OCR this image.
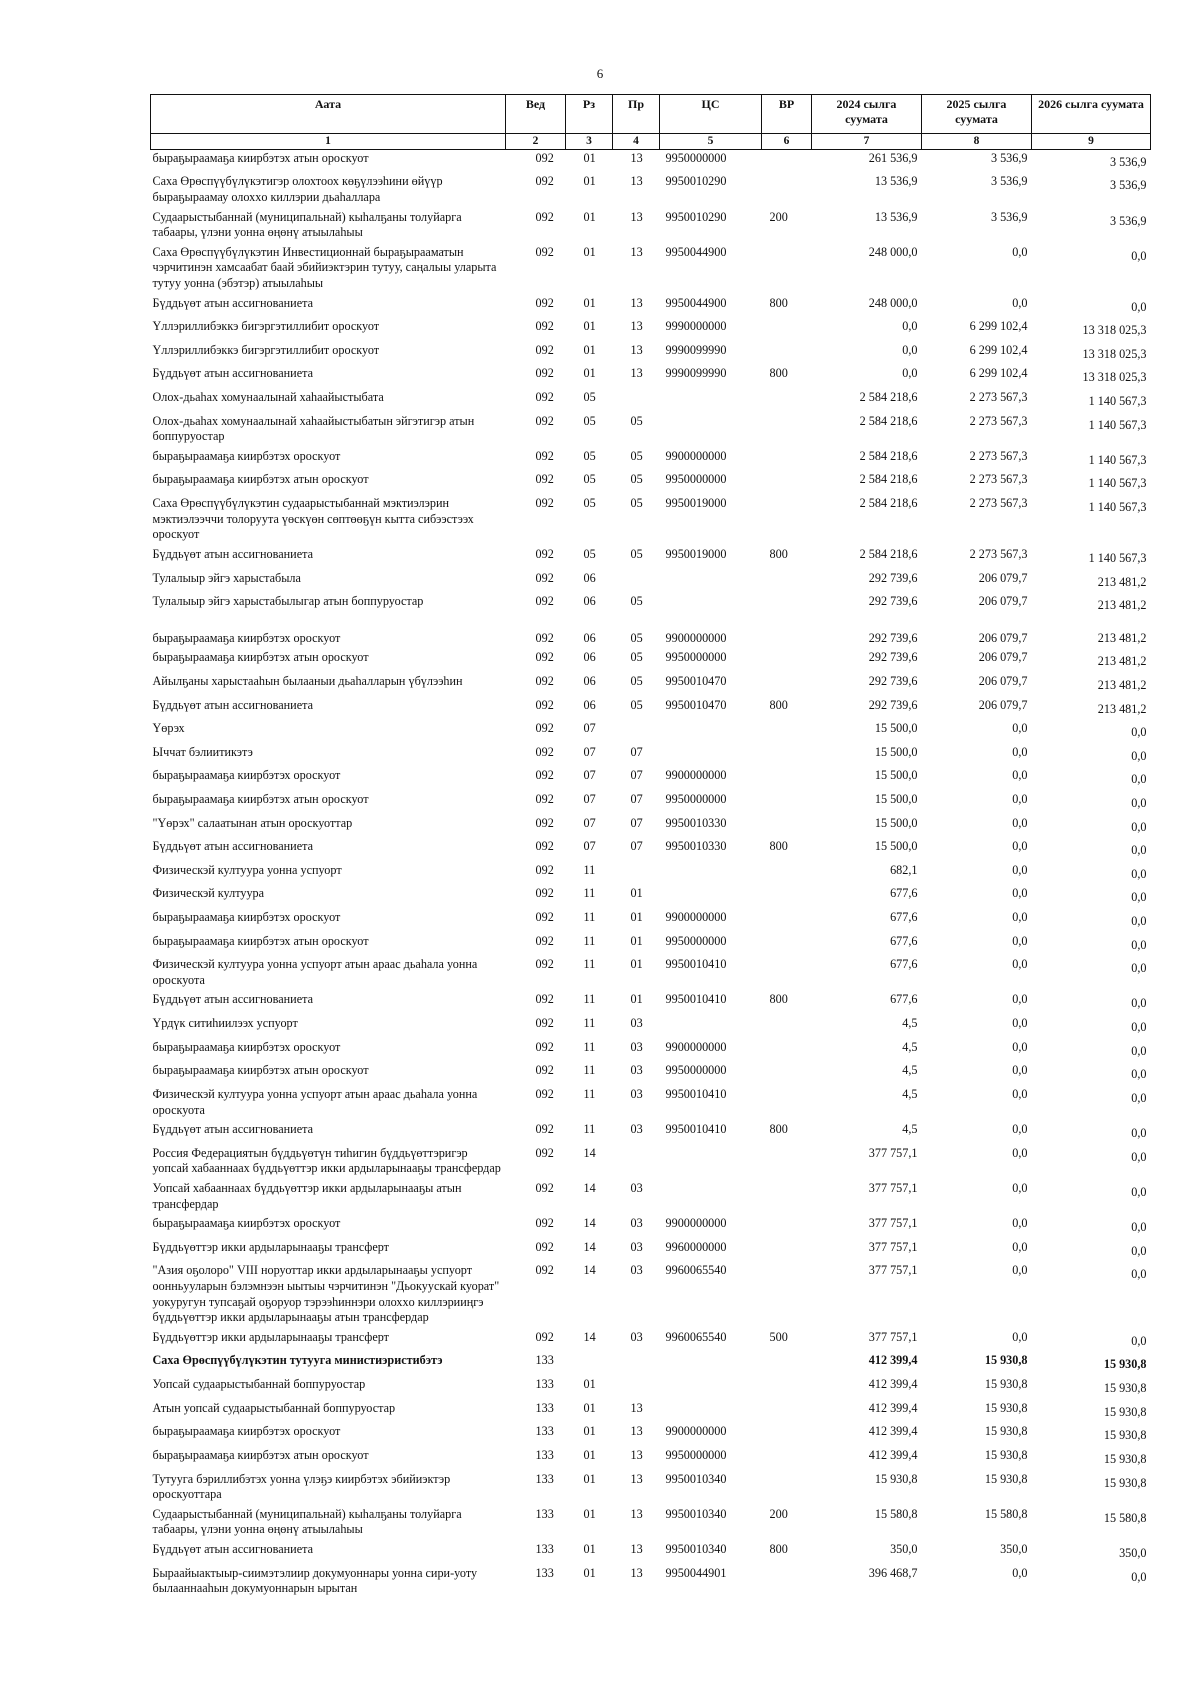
6
Аата	Вед	Рз	Пр	ЦС	ВР	2024 сылга суумата	2025 сылга суумата	2026 сылга суумата
1	2	3	4	5	6	7	8	9
быраҕыраамаҕа киирбэтэх атын ороскуот	092	01	13	9950000000		261 536,9	3 536,9	3 536,9
Саха Өрөспүүбүлүкэтигэр олохтоох көҕүлээһини өйүүр быраҕыраамау олохxо киллэрии дьаһаллара	092	01	13	9950010290		13 536,9	3 536,9	3 536,9
Судаарыстыбаннай (муниципальнай) кыһалҕаны толуйарга табаары, үлэни уонна өңөнү атыылаһыы	092	01	13	9950010290	200	13 536,9	3 536,9	3 536,9
Саха Өрөспүүбүлүкэтин Инвестиционнай быраҕырааматын чэрчитинэн хамсаабат баай эбийиэктэрин тутуу, саңалыы уларыта тутуу уонна (эбэтэр) атыылаһыы	092	01	13	9950044900		248 000,0	0,0	0,0
Бүддьүөт атын ассигнованиета	092	01	13	9950044900	800	248 000,0	0,0	0,0
Үллэриллибэккэ бигэргэтиллибит ороскуот	092	01	13	9990000000		0,0	6 299 102,4	13 318 025,3
Үллэриллибэккэ бигэргэтиллибит ороскуот	092	01	13	9990099990		0,0	6 299 102,4	13 318 025,3
Бүддьүөт атын ассигнованиета	092	01	13	9990099990	800	0,0	6 299 102,4	13 318 025,3
Олох-дьаһах хомунаалынай хаһаайыстыбата	092	05				2 584 218,6	2 273 567,3	1 140 567,3
Олох-дьаһах хомунаалынай хаһаайыстыбатын эйгэтигэр атын боппуруостар	092	05	05			2 584 218,6	2 273 567,3	1 140 567,3
быраҕыраамаҕа киирбэтэх ороскуот	092	05	05	9900000000		2 584 218,6	2 273 567,3	1 140 567,3
быраҕыраамаҕа киирбэтэх атын ороскуот	092	05	05	9950000000		2 584 218,6	2 273 567,3	1 140 567,3
Саха Өрөспүүбүлүкэтин судаарыстыбаннай мэктиэлэрин мэктиэлээччи толоруута үөскүөн сөптөөҕүн кытта сибээстээх ороскуот	092	05	05	9950019000		2 584 218,6	2 273 567,3	1 140 567,3
Бүддьүөт атын ассигнованиета	092	05	05	9950019000	800	2 584 218,6	2 273 567,3	1 140 567,3
Тулалыыр эйгэ харыстабыла	092	06				292 739,6	206 079,7	213 481,2
Тулалыыр эйгэ харыстабылыгар атын боппуруостар	092	06	05			292 739,6	206 079,7	213 481,2
быраҕыраамаҕа киирбэтэх ороскуот	092	06	05	9900000000		292 739,6	206 079,7	213 481,2
быраҕыраамаҕа киирбэтэх атын ороскуот	092	06	05	9950000000		292 739,6	206 079,7	213 481,2
Айылҕаны харыстааһын былааныи дьаһалларын үбүлээһин	092	06	05	9950010470		292 739,6	206 079,7	213 481,2
Бүддьүөт атын ассигнованиета	092	06	05	9950010470	800	292 739,6	206 079,7	213 481,2
Үөрэх	092	07				15 500,0	0,0	0,0
Ыччат бэлиитикэтэ	092	07	07			15 500,0	0,0	0,0
быраҕыраамаҕа киирбэтэх ороскуот	092	07	07	9900000000		15 500,0	0,0	0,0
быраҕыраамаҕа киирбэтэх атын ороскуот	092	07	07	9950000000		15 500,0	0,0	0,0
"Үөрэх" салаатынан атын ороскуоттар	092	07	07	9950010330		15 500,0	0,0	0,0
Бүддьүөт атын ассигнованиета	092	07	07	9950010330	800	15 500,0	0,0	0,0
Физическэй култуура уонна успуорт	092	11				682,1	0,0	0,0
Физическэй култуура	092	11	01			677,6	0,0	0,0
быраҕыраамаҕа киирбэтэх ороскуот	092	11	01	9900000000		677,6	0,0	0,0
быраҕыраамаҕа киирбэтэх атын ороскуот	092	11	01	9950000000		677,6	0,0	0,0
Физическэй култуура уонна успуорт атын араас дьаһала уонна ороскуота	092	11	01	9950010410		677,6	0,0	0,0
Бүддьүөт атын ассигнованиета	092	11	01	9950010410	800	677,6	0,0	0,0
Үрдүк ситиһиилээх успуорт	092	11	03			4,5	0,0	0,0
быраҕыраамаҕа киирбэтэх ороскуот	092	11	03	9900000000		4,5	0,0	0,0
быраҕыраамаҕа киирбэтэх атын ороскуот	092	11	03	9950000000		4,5	0,0	0,0
Физическэй култуура уонна успуорт атын араас дьаһала уонна ороскуота	092	11	03	9950010410		4,5	0,0	0,0
Бүддьүөт атын ассигнованиета	092	11	03	9950010410	800	4,5	0,0	0,0
Россия Федерациятын бүддьүөтүн тиһигин бүддьүөттэригэр уопсай хабааннаах бүддьүөттэр икки ардыларынааҕы трансфердар	092	14				377 757,1	0,0	0,0
Уопсай хабааннаах бүддьүөттэр икки ардыларынааҕы атын трансфердар	092	14	03			377 757,1	0,0	0,0
быраҕыраамаҕа киирбэтэх ороскуот	092	14	03	9900000000		377 757,1	0,0	0,0
Бүддьүөттэр икки ардыларынааҕы трансферт	092	14	03	9960000000		377 757,1	0,0	0,0
"Азия оҕолоро" VIII норуоттар икки ардыларынааҕы успуорт оонньууларын бэлэмнээн ыытыы чэрчитинэн "Дьокуускай куорат" уокуругун тупсаҕай оҕоруор тэрээһиннэри олохxо киллэрииңгэ бүддьүөттэр икки ардыларынааҕы атын трансфердар	092	14	03	9960065540		377 757,1	0,0	0,0
Бүддьүөттэр икки ардыларынааҕы трансферт	092	14	03	9960065540	500	377 757,1	0,0	0,0
Саха Өрөспүүбүлүкэтин тутууга министиэристибэтэ	133					412 399,4	15 930,8	15 930,8
Уопсай судаарыстыбаннай боппуруостар	133	01				412 399,4	15 930,8	15 930,8
Атын уопсай судаарыстыбаннай боппуруостар	133	01	13			412 399,4	15 930,8	15 930,8
быраҕыраамаҕа киирбэтэх ороскуот	133	01	13	9900000000		412 399,4	15 930,8	15 930,8
быраҕыраамаҕа киирбэтэх атын ороскуот	133	01	13	9950000000		412 399,4	15 930,8	15 930,8
Тутууга бэриллибэтэх уонна үлэҕэ киирбэтэх эбийиэктэр ороскуоттара	133	01	13	9950010340		15 930,8	15 930,8	15 930,8
Судаарыстыбаннай (муниципальнай) кыһалҕаны толуйарга табаары, үлэни уонна өңөнү атыылаһыы	133	01	13	9950010340	200	15 580,8	15 580,8	15 580,8
Бүддьүөт атын ассигнованиета	133	01	13	9950010340	800	350,0	350,0	350,0
Быраайыактыыр-сиимэтэлиир докумуоннары уонна сири-уоту былааннааһын докумуоннарын ырытан	133	01	13	9950044901		396 468,7	0,0	0,0
